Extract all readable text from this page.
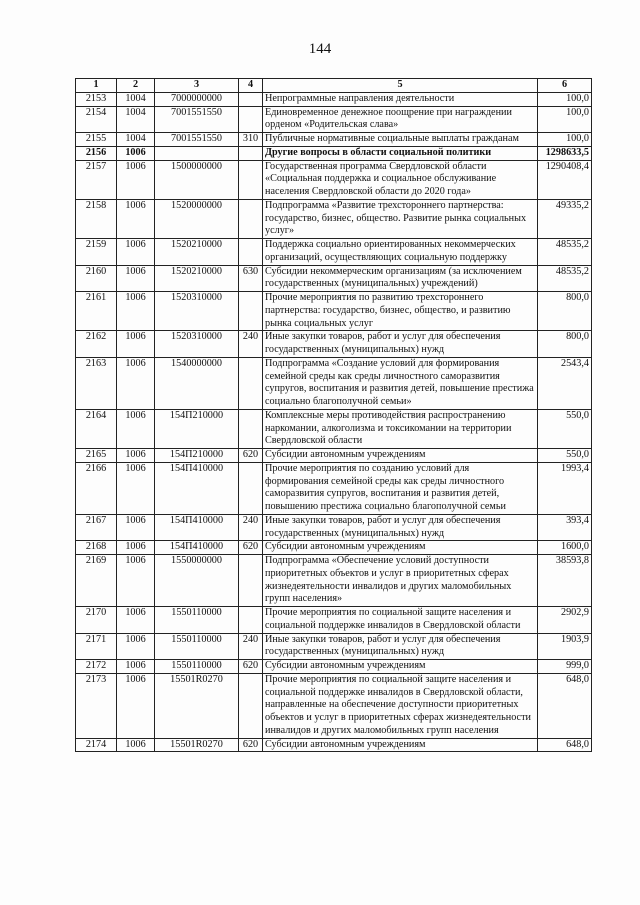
144
1	2	3	4	5	6
2153	1004	7000000000		Непрограммные направления деятельности	100,0
2154	1004	7001551550		Единовременное денежное поощрение при награждении орденом «Родительская слава»	100,0
2155	1004	7001551550	310	Публичные нормативные социальные выплаты гражданам	100,0
2156	1006			Другие вопросы в области социальной политики	1298633,5
2157	1006	1500000000		Государственная программа Свердловской области «Социальная поддержка и социальное обслуживание населения Свердловской области до 2020 года»	1290408,4
2158	1006	1520000000		Подпрограмма «Развитие трехстороннего партнерства: государство, бизнес, общество. Развитие рынка социальных услуг»	49335,2
2159	1006	1520210000		Поддержка социально ориентированных некоммерческих организаций, осуществляющих социальную поддержку	48535,2
2160	1006	1520210000	630	Субсидии некоммерческим организациям (за исключением государственных (муниципальных) учреждений)	48535,2
2161	1006	1520310000		Прочие мероприятия по развитию трехстороннего партнерства: государство, бизнес, общество, и развитию рынка социальных услуг	800,0
2162	1006	1520310000	240	Иные закупки товаров, работ и услуг для обеспечения государственных (муниципальных) нужд	800,0
2163	1006	1540000000		Подпрограмма «Создание условий для формирования семейной среды как среды личностного саморазвития супругов, воспитания и развития детей, повышение престижа социально благополучной семьи»	2543,4
2164	1006	154П210000		Комплексные меры противодействия распространению наркомании, алкоголизма и токсикомании на территории Свердловской области	550,0
2165	1006	154П210000	620	Субсидии автономным учреждениям	550,0
2166	1006	154П410000		Прочие мероприятия по созданию условий для формирования семейной среды как среды личностного саморазвития супругов, воспитания и развития детей, повышению престижа социально благополучной семьи	1993,4
2167	1006	154П410000	240	Иные закупки товаров, работ и услуг для обеспечения государственных (муниципальных) нужд	393,4
2168	1006	154П410000	620	Субсидии автономным учреждениям	1600,0
2169	1006	1550000000		Подпрограмма «Обеспечение условий доступности приоритетных объектов и услуг в приоритетных сферах жизнедеятельности инвалидов и других маломобильных групп населения»	38593,8
2170	1006	1550110000		Прочие мероприятия по социальной защите населения и социальной поддержке инвалидов в Свердловской области	2902,9
2171	1006	1550110000	240	Иные закупки товаров, работ и услуг для обеспечения государственных (муниципальных) нужд	1903,9
2172	1006	1550110000	620	Субсидии автономным учреждениям	999,0
2173	1006	15501R0270		Прочие мероприятия по социальной защите населения и социальной поддержке инвалидов в Свердловской области, направленные на обеспечение доступности приоритетных объектов и услуг в приоритетных сферах жизнедеятельности инвалидов и других маломобильных групп населения	648,0
2174	1006	15501R0270	620	Субсидии автономным учреждениям	648,0
